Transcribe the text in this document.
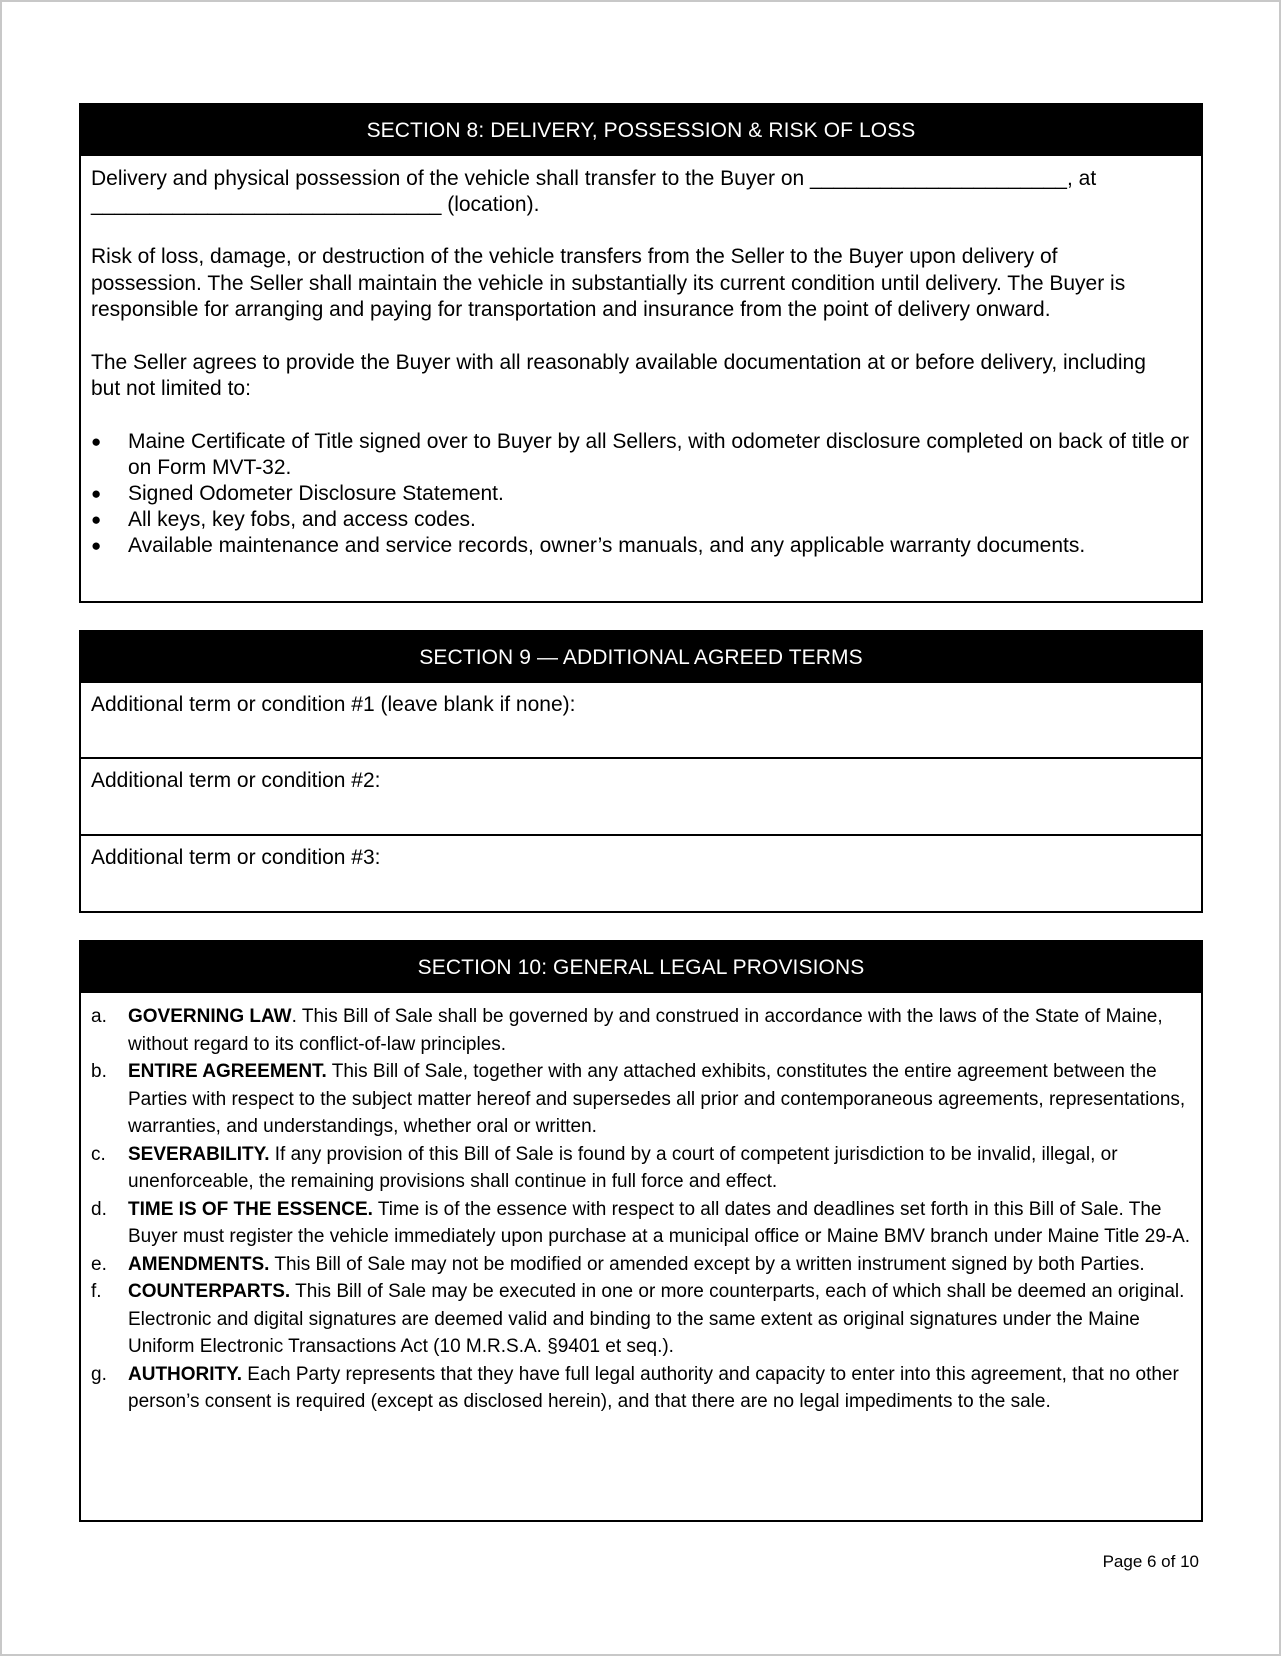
SECTION 8: DELIVERY, POSSESSION & RISK OF LOSS

Delivery and physical possession of the vehicle shall transfer to the Buyer on ______________________, at

______________________________ (location).

Risk of loss, damage, or destruction of the vehicle transfers from the Seller to the Buyer upon delivery of possession. The Seller shall maintain the vehicle in substantially its current condition until delivery. The Buyer is responsible for arranging and paying for transportation and insurance from the point of delivery onward.

The Seller agrees to provide the Buyer with all reasonably available documentation at or before delivery, including but not limited to:

● Maine Certificate of Title signed over to Buyer by all Sellers, with odometer disclosure completed on back of title or on Form MVT-32.
● Signed Odometer Disclosure Statement.
● All keys, key fobs, and access codes.
● Available maintenance and service records, owner’s manuals, and any applicable warranty documents.
SECTION 9 — ADDITIONAL AGREED TERMS
Additional term or condition #1 (leave blank if none):
Additional term or condition #2:
Additional term or condition #3:
SECTION 10: GENERAL LEGAL PROVISIONS
a. GOVERNING LAW. This Bill of Sale shall be governed by and construed in accordance with the laws of the State of Maine, without regard to its conflict-of-law principles.
b. ENTIRE AGREEMENT. This Bill of Sale, together with any attached exhibits, constitutes the entire agreement between the Parties with respect to the subject matter hereof and supersedes all prior and contemporaneous agreements, representations, warranties, and understandings, whether oral or written.
c. SEVERABILITY. If any provision of this Bill of Sale is found by a court of competent jurisdiction to be invalid, illegal, or unenforceable, the remaining provisions shall continue in full force and effect.
d. TIME IS OF THE ESSENCE. Time is of the essence with respect to all dates and deadlines set forth in this Bill of Sale. The Buyer must register the vehicle immediately upon purchase at a municipal office or Maine BMV branch under Maine Title 29-A.
e. AMENDMENTS. This Bill of Sale may not be modified or amended except by a written instrument signed by both Parties.
f. COUNTERPARTS. This Bill of Sale may be executed in one or more counterparts, each of which shall be deemed an original. Electronic and digital signatures are deemed valid and binding to the same extent as original signatures under the Maine Uniform Electronic Transactions Act (10 M.R.S.A. §9401 et seq.).
g. AUTHORITY. Each Party represents that they have full legal authority and capacity to enter into this agreement, that no other person’s consent is required (except as disclosed herein), and that there are no legal impediments to the sale.
Page 6 of 10
